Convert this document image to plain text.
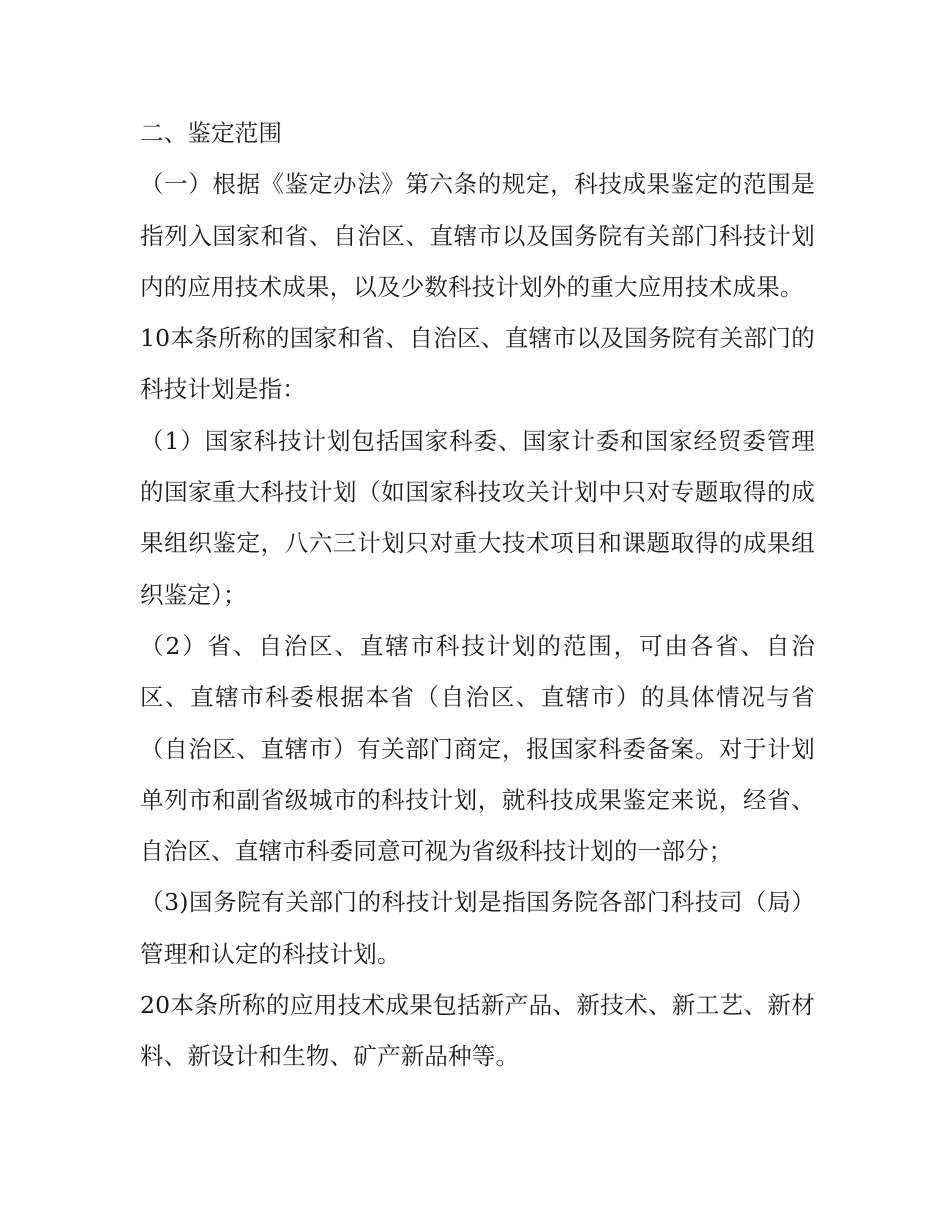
二、鉴定范围

（一）根据《鉴定办法》第六条的规定，科技成果鉴定的范围是指列入国家和省、自治区、直辖市以及国务院有关部门科技计划内的应用技术成果，以及少数科技计划外的重大应用技术成果。

10本条所称的国家和省、自治区、直辖市以及国务院有关部门的科技计划是指：

（1）国家科技计划包括国家科委、国家计委和国家经贸委管理的国家重大科技计划（如国家科技攻关计划中只对专题取得的成果组织鉴定，八六三计划只对重大技术项目和课题取得的成果组织鉴定）；

（2）省、自治区、直辖市科技计划的范围，可由各省、自治区、直辖市科委根据本省（自治区、直辖市）的具体情况与省（自治区、直辖市）有关部门商定，报国家科委备案。对于计划单列市和副省级城市的科技计划，就科技成果鉴定来说，经省、自治区、直辖市科委同意可视为省级科技计划的一部分；

（3)国务院有关部门的科技计划是指国务院各部门科技司（局）管理和认定的科技计划。

20本条所称的应用技术成果包括新产品、新技术、新工艺、新材料、新设计和生物、矿产新品种等。
